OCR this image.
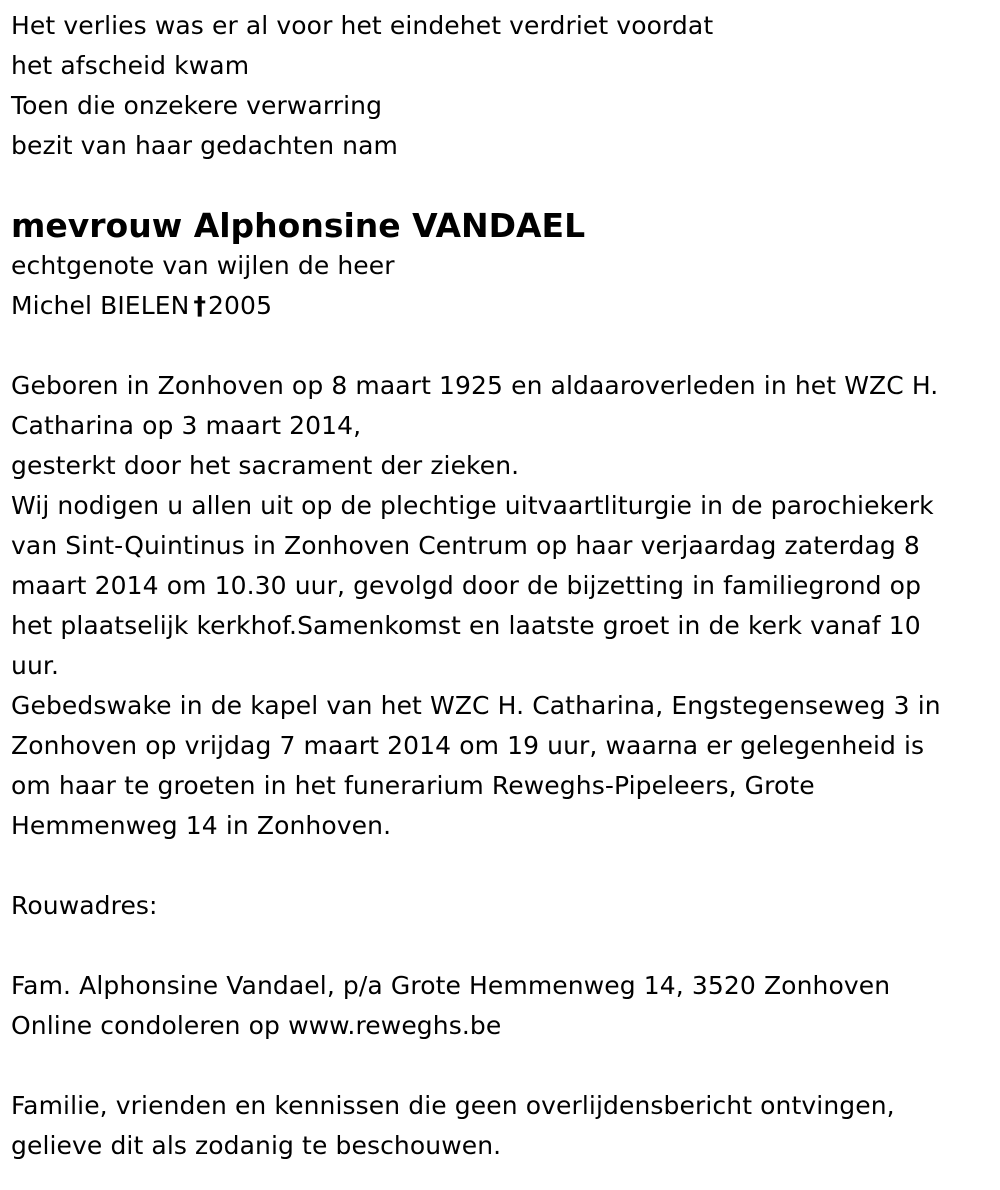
Het verlies was er al voor het eindehet verdriet voordat
het afscheid kwam
Toen die onzekere verwarring
bezit van haar gedachten nam
mevrouw Alphonsine VANDAEL
echtgenote van wijlen de heer
Michel BIELEN †2005
Geboren in Zonhoven op 8 maart 1925 en aldaaroverleden in het WZC H.
Catharina op 3 maart 2014,
gesterkt door het sacrament der zieken.
Wij nodigen u allen uit op de plechtige uitvaartliturgie in de parochiekerk
van Sint-Quintinus in Zonhoven Centrum op haar verjaardag zaterdag 8
maart 2014 om 10.30 uur, gevolgd door de bijzetting in familiegrond op
het plaatselijk kerkhof.Samenkomst en laatste groet in de kerk vanaf 10
uur.
Gebedswake in de kapel van het WZC H. Catharina, Engstegenseweg 3 in
Zonhoven op vrijdag 7 maart 2014 om 19 uur, waarna er gelegenheid is
om haar te groeten in het funerarium Reweghs-Pipeleers, Grote
Hemmenweg 14 in Zonhoven.
Rouwadres:
Fam. Alphonsine Vandael, p/a Grote Hemmenweg 14, 3520 Zonhoven
Online condoleren op www.reweghs.be
Familie, vrienden en kennissen die geen overlijdensbericht ontvingen,
gelieve dit als zodanig te beschouwen.
